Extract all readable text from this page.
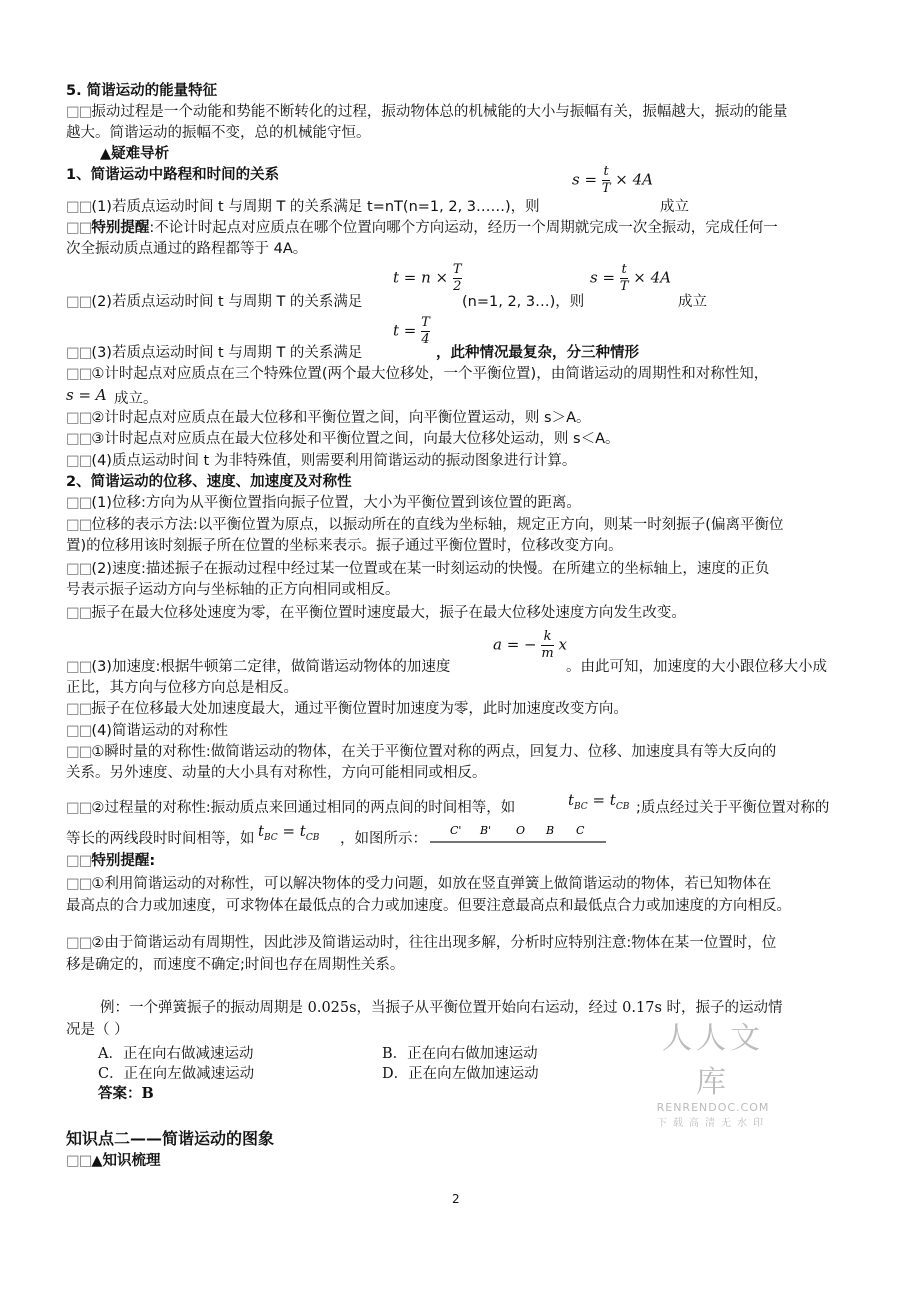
5. 简谐运动的能量特征
□□振动过程是一个动能和势能不断转化的过程，振动物体总的机械能的大小与振幅有关，振幅越大，振动的能量
越大。简谐运动的振幅不变，总的机械能守恒。
▲疑难导析
1、简谐运动中路程和时间的关系	$s = \frac{t}{T} \times 4A$
□□(1)若质点运动时间 t 与周期 T 的关系满足 t=nT(n=1, 2, 3……)，则	成立
□□特别提醒:不论计时起点对应质点在哪个位置向哪个方向运动，经历一个周期就完成一次全振动，完成任何一
次全振动质点通过的路程都等于 4A。
$t = n \times \frac{T}{2}$	$s = \frac{t}{T} \times 4A$
□□(2)若质点运动时间 t 与周期 T 的关系满足	(n=1, 2, 3…)，则	成立
$t = \frac{T}{4}$
□□(3)若质点运动时间 t 与周期 T 的关系满足	，此种情况最复杂，分三种情形
□□①计时起点对应质点在三个特殊位置(两个最大位移处，一个平衡位置)，由简谐运动的周期性和对称性知，
s = A 成立。
□□②计时起点对应质点在最大位移和平衡位置之间，向平衡位置运动，则 s＞A。
□□③计时起点对应质点在最大位移处和平衡位置之间，向最大位移处运动，则 s＜A。
□□(4)质点运动时间 t 为非特殊值，则需要利用简谐运动的振动图象进行计算。
2、简谐运动的位移、速度、加速度及对称性
□□(1)位移:方向为从平衡位置指向振子位置，大小为平衡位置到该位置的距离。
□□位移的表示方法:以平衡位置为原点，以振动所在的直线为坐标轴，规定正方向，则某一时刻振子(偏离平衡位
置)的位移用该时刻振子所在位置的坐标来表示。振子通过平衡位置时，位移改变方向。
□□(2)速度:描述振子在振动过程中经过某一位置或在某一时刻运动的快慢。在所建立的坐标轴上，速度的正负
号表示振子运动方向与坐标轴的正方向相同或相反。
□□振子在最大位移处速度为零，在平衡位置时速度最大，振子在最大位移处速度方向发生改变。
a = − $\frac{k}{m}$ x
□□(3)加速度:根据牛顿第二定律，做简谐运动物体的加速度	。由此可知，加速度的大小跟位移大小成
正比，其方向与位移方向总是相反。
□□振子在位移最大处加速度最大，通过平衡位置时加速度为零，此时加速度改变方向。
□□(4)简谐运动的对称性
□□①瞬时量的对称性:做简谐运动的物体，在关于平衡位置对称的两点，回复力、位移、加速度具有等大反向的
关系。另外速度、动量的大小具有对称性，方向可能相同或相反。
□□②过程量的对称性:振动质点来回通过相同的两点间的时间相等，如	$t_{BC} = t_{CB}$ ;质点经过关于平衡位置对称的
等长的两线段时时间相等，如 $t_{BC} = t_{CB}$ ，如图所示：
C' B' O B C
□□特别提醒:
□□①利用简谐运动的对称性，可以解决物体的受力问题，如放在竖直弹簧上做简谐运动的物体，若已知物体在
最高点的合力或加速度，可求物体在最低点的合力或加速度。但要注意最高点和最低点合力或加速度的方向相反。
□□②由于简谐运动有周期性，因此涉及简谐运动时，往往出现多解，分析时应特别注意:物体在某一位置时，位
移是确定的，而速度不确定;时间也存在周期性关系。
例：一个弹簧振子的振动周期是 0.025s，当振子从平衡位置开始向右运动，经过 0.17s 时，振子的运动情
况是（ ）
A．正在向右做减速运动	B．正在向右做加速运动
C．正在向左做减速运动	D．正在向左做加速运动
答案：B
知识点二——简谐运动的图象
□□▲知识梳理
人人文库
RENRENDOC.COM
下载高清无水印
2
